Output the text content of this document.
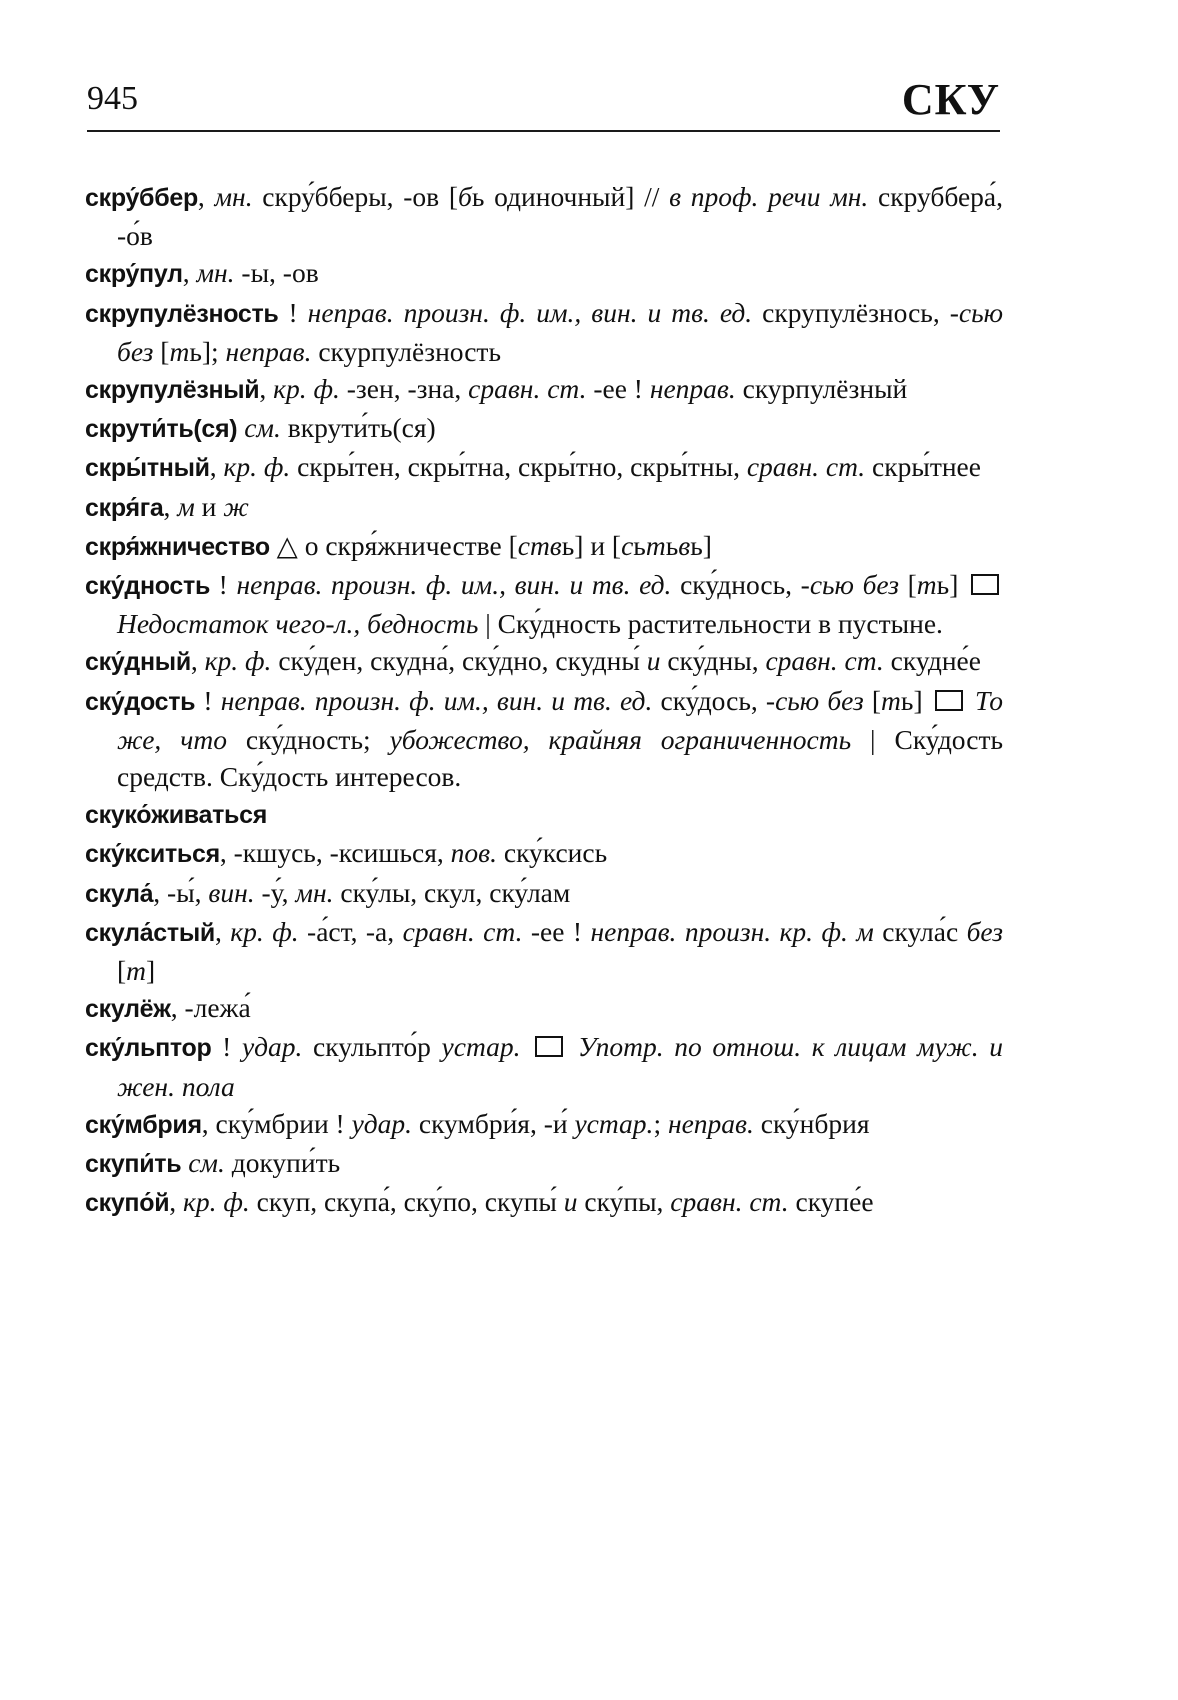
945	СКУ
скру́ббер, мн. скру́бберы, -ов [бь одиночный] // в проф. речи мн. скруббера́, -о́в
скру́пул, мн. -ы, -ов
скрупулёзность ! неправ. произн. ф. им., вин. и тв. ед. скрупулёзнось, -сью без [ть]; неправ. скурпулёзность
скрупулёзный, кр. ф. -зен, -зна, сравн. ст. -ее ! неправ. скурпулёзный
скрути́ть(ся) см. вкрути́ть(ся)
скры́тный, кр. ф. скры́тен, скры́тна, скры́тно, скры́тны, сравн. ст. скры́тнее
скря́га, м и ж
скря́жничество △ о скря́жничестве [ствь] и [сьтьвь]
ску́дность ! неправ. произн. ф. им., вин. и тв. ед. ску́днось, -сью без [ть]  Недостаток чего-л., бедность | Ску́дность растительности в пустыне.
ску́дный, кр. ф. ску́ден, скудна́, ску́дно, скудны́ и ску́дны, сравн. ст. скудне́е
ску́дость ! неправ. произн. ф. им., вин. и тв. ед. ску́дось, -сью без [ть]  То же, что ску́дность; убожество, крайняя ограниченность | Ску́дость средств. Ску́дость интересов.
скуко́живаться
ску́кситься, -кшусь, -ксишься, пов. ску́ксись
скула́, -ы́, вин. -у́, мн. ску́лы, скул, ску́лам
скула́стый, кр. ф. -а́ст, -а, сравн. ст. -ее ! неправ. произн. кр. ф. м скула́с без [т]
скулёж, -лежа́
ску́льптор ! удар. скульпто́р устар. Употр. по отнош. к лицам муж. и жен. пола
ску́мбрия, ску́мбрии ! удар. скумбри́я, -и́ устар.; неправ. ску́нбрия
скупи́ть см. докупи́ть
скупо́й, кр. ф. скуп, скупа́, ску́по, скупы́ и ску́пы, сравн. ст. скупе́е
